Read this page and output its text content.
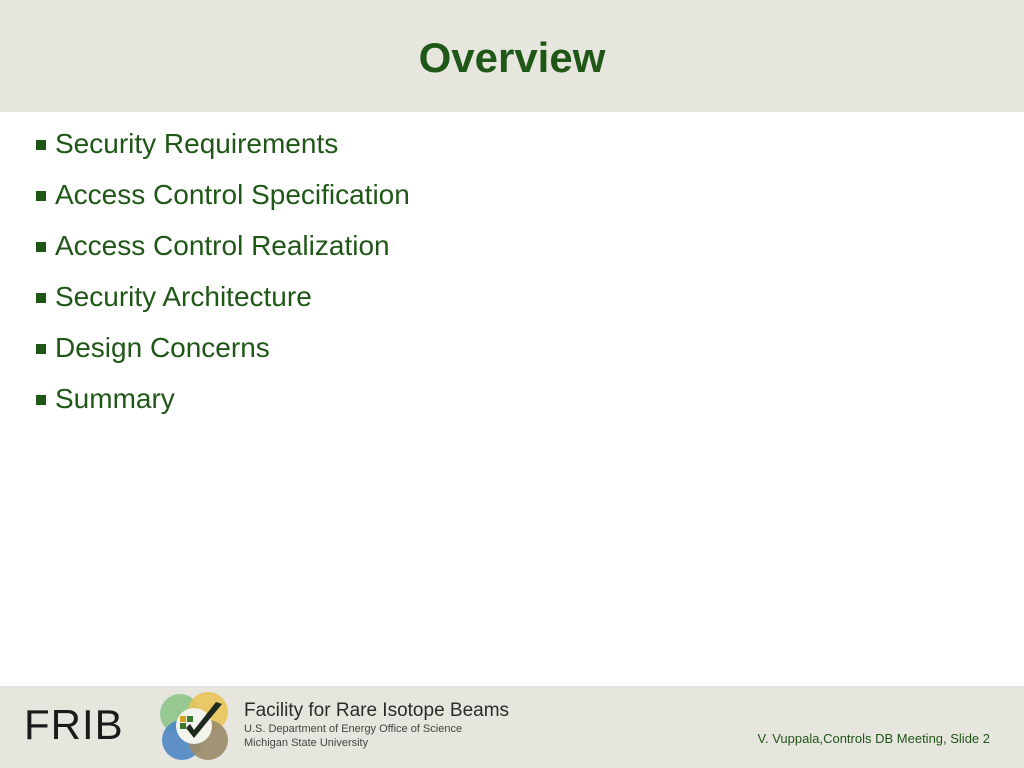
Overview
Security Requirements
Access Control Specification
Access Control Realization
Security Architecture
Design Concerns
Summary
FRIB	Facility for Rare Isotope Beams
U.S. Department of Energy Office of Science
Michigan State University	V. Vuppala,Controls DB Meeting, Slide 2
